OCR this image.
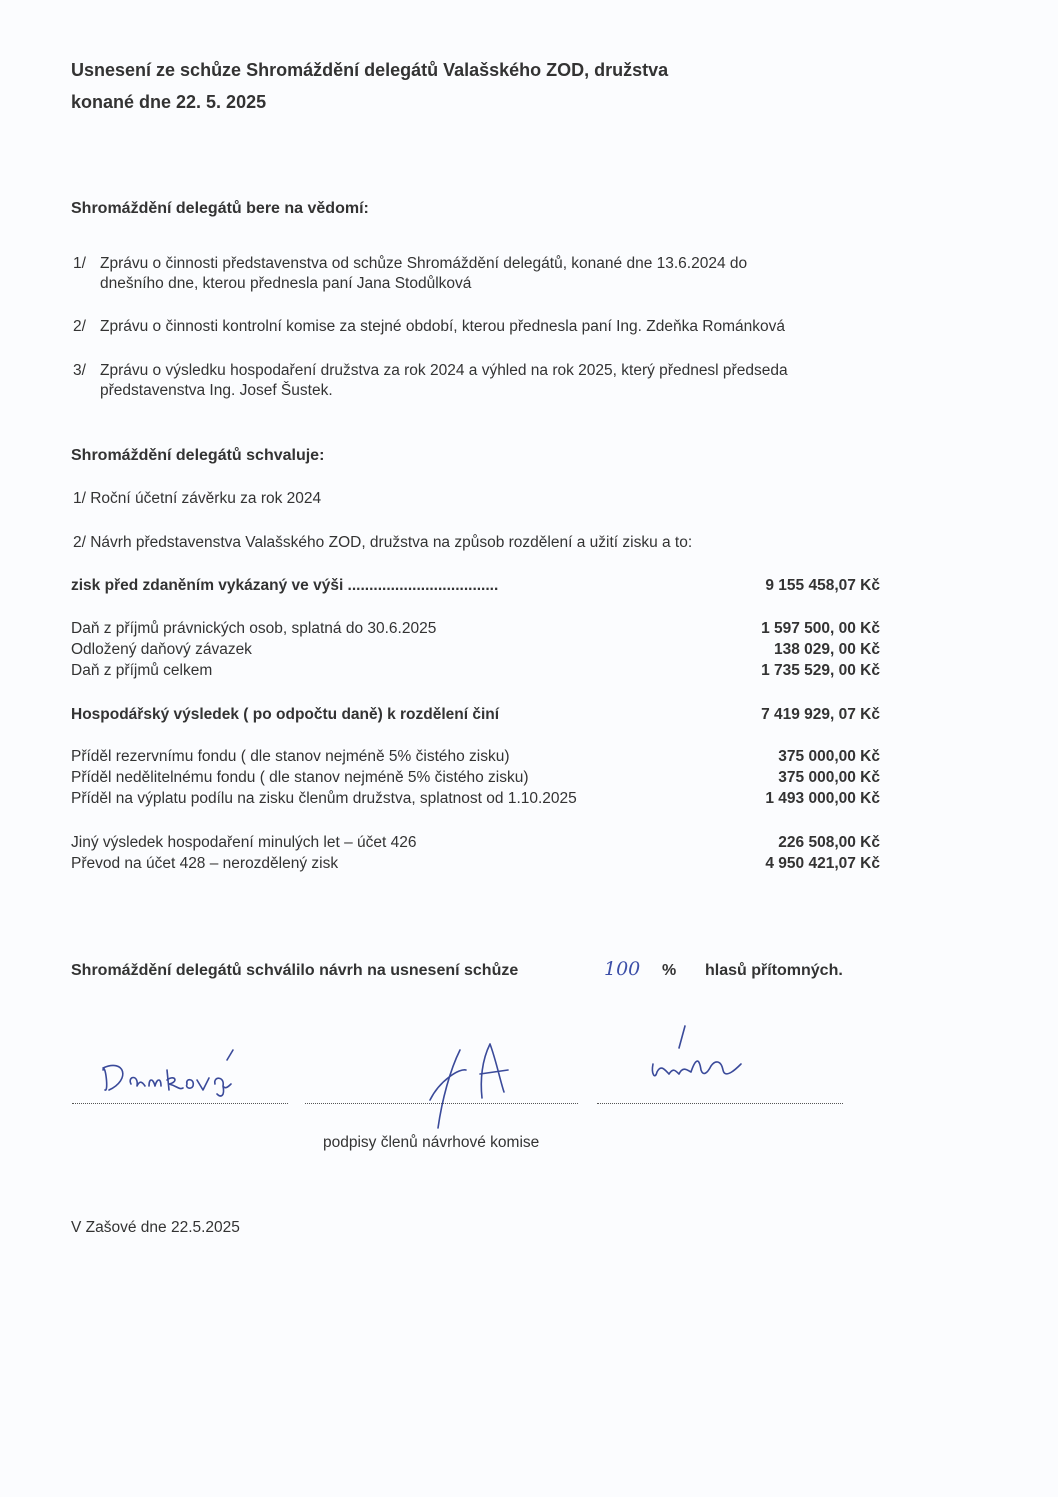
Usnesení ze schůze Shromáždění delegátů Valašského ZOD, družstva
konané dne 22. 5. 2025
Shromáždění delegátů bere na vědomí:
1/ Zprávu o činnosti představenstva od schůze Shromáždění delegátů, konané dne 13.6.2024 do
dnešního dne, kterou přednesla paní Jana Stodůlková
2/ Zprávu o činnosti kontrolní komise za stejné období, kterou přednesla paní Ing. Zdeňka Románková
3/ Zprávu o výsledku hospodaření družstva za rok 2024 a výhled na rok 2025, který přednesl předseda
představenstva Ing. Josef Šustek.
Shromáždění delegátů schvaluje:
1/ Roční účetní závěrku za rok 2024
2/ Návrh představenstva Valašského ZOD, družstva na způsob rozdělení a užití zisku a to:
zisk před zdaněním vykázaný ve výši ...................................	9 155 458,07 Kč
Daň z příjmů právnických osob, splatná do 30.6.2025	1 597 500, 00 Kč
Odložený daňový závazek	138 029, 00 Kč
Daň z příjmů celkem	1 735 529, 00 Kč
Hospodářský výsledek ( po odpočtu daně) k rozdělení činí	7 419 929, 07 Kč
Příděl rezervnímu fondu ( dle stanov nejméně 5% čistého zisku)	375 000,00 Kč
Příděl nedělitelnému fondu ( dle stanov nejméně 5% čistého zisku)	375 000,00 Kč
Příděl na výplatu podílu na zisku členům družstva, splatnost od 1.10.2025	1 493 000,00 Kč
Jiný výsledek hospodaření minulých let – účet 426	226 508,00 Kč
Převod na účet 428 – nerozdělený zisk	4 950 421,07 Kč
Shromáždění delegátů schválilo návrh na usnesení schůze	100 % hlasů přítomných.
podpisy členů návrhové komise
V Zašové dne 22.5.2025
